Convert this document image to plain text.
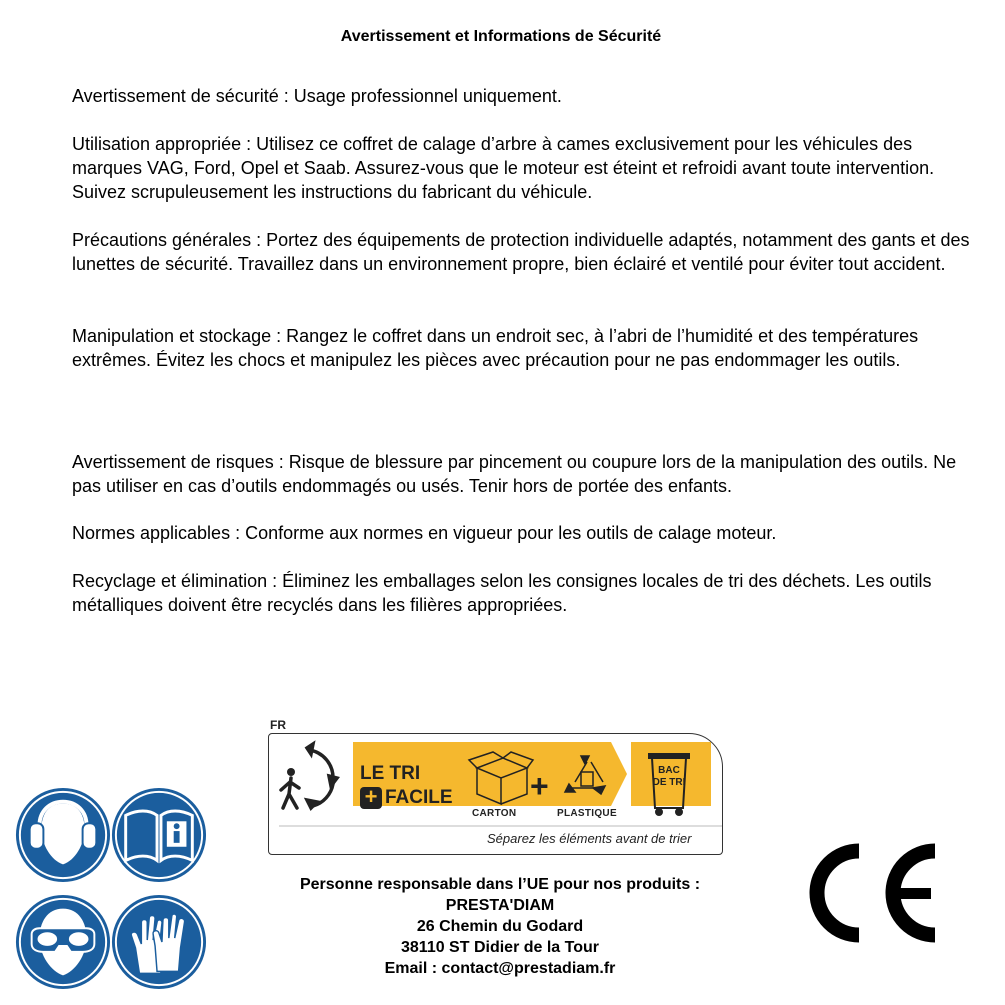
Avertissement et Informations de Sécurité

Avertissement de sécurité : Usage professionnel uniquement.

Utilisation appropriée : Utilisez ce coffret de calage d’arbre à cames exclusivement pour les véhicules des marques VAG, Ford, Opel et Saab. Assurez-vous que le moteur est éteint et refroidi avant toute intervention. Suivez scrupuleusement les instructions du fabricant du véhicule.

Précautions générales : Portez des équipements de protection individuelle adaptés, notamment des gants et des lunettes de sécurité. Travaillez dans un environnement propre, bien éclairé et ventilé pour éviter tout accident.

Manipulation et stockage : Rangez le coffret dans un endroit sec, à l’abri de l’humidité et des températures extrêmes. Évitez les chocs et manipulez les pièces avec précaution pour ne pas endommager les outils.

Avertissement de risques : Risque de blessure par pincement ou coupure lors de la manipulation des outils. Ne pas utiliser en cas d’outils endommagés ou usés. Tenir hors de portée des enfants.

Normes applicables : Conforme aux normes en vigueur pour les outils de calage moteur.

Recyclage et élimination : Éliminez les emballages selon les consignes locales de tri des déchets. Les outils métalliques doivent être recyclés dans les filières appropriées.

FR
LE TRI
+ FACILE +
CARTON	PLASTIQUE
BAC DE TRI
Séparez les éléments avant de trier
Personne responsable dans l’UE pour nos produits :
PRESTA'DIAM
26 Chemin du Godard
38110 ST Didier de la Tour
Email : contact@prestadiam.fr
